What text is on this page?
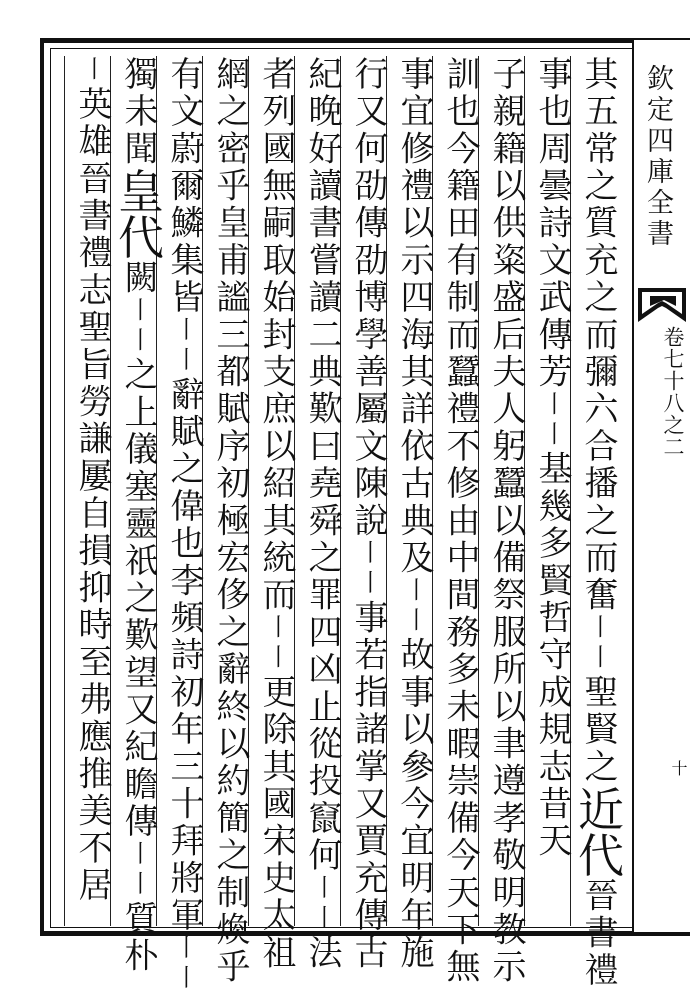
欽定四庫全書
卷七十八之二
十
其五常之質充之而彌六合播之而奮丨丨聖賢之近代晉書禮
事也周曇詩文武傳芳丨丨基幾多賢哲守成規志昔天
子親籍以供粢盛后夫人躬蠶以備祭服所以聿遵孝敬明教示
訓也今籍田有制而蠶禮不修由中間務多未暇崇備今天下無
事宜修禮以示四海其詳依古典及丨丨故事以參今宜明年施
行又何劭傳劭博學善屬文陳說丨丨事若指諸掌又賈充傳古
紀晚好讀書嘗讀二典歎曰堯舜之罪四凶止從投竄何丨丨法
者列國無嗣取始封支庶以紹其統而丨丨更除其國宋史太祖
網之密乎皇甫謐三都賦序初極宏侈之辭終以約簡之制煥乎
有文蔚爾鱗集皆丨丨辭賦之偉也李頻詩初年三十拜將軍丨丨
獨未聞皇代闕丨丨之上儀塞靈祇之歎望又紀瞻傳丨丨質朴
丨英雄晉書禮志聖旨勞謙屢自損抑時至弗應推美不居
